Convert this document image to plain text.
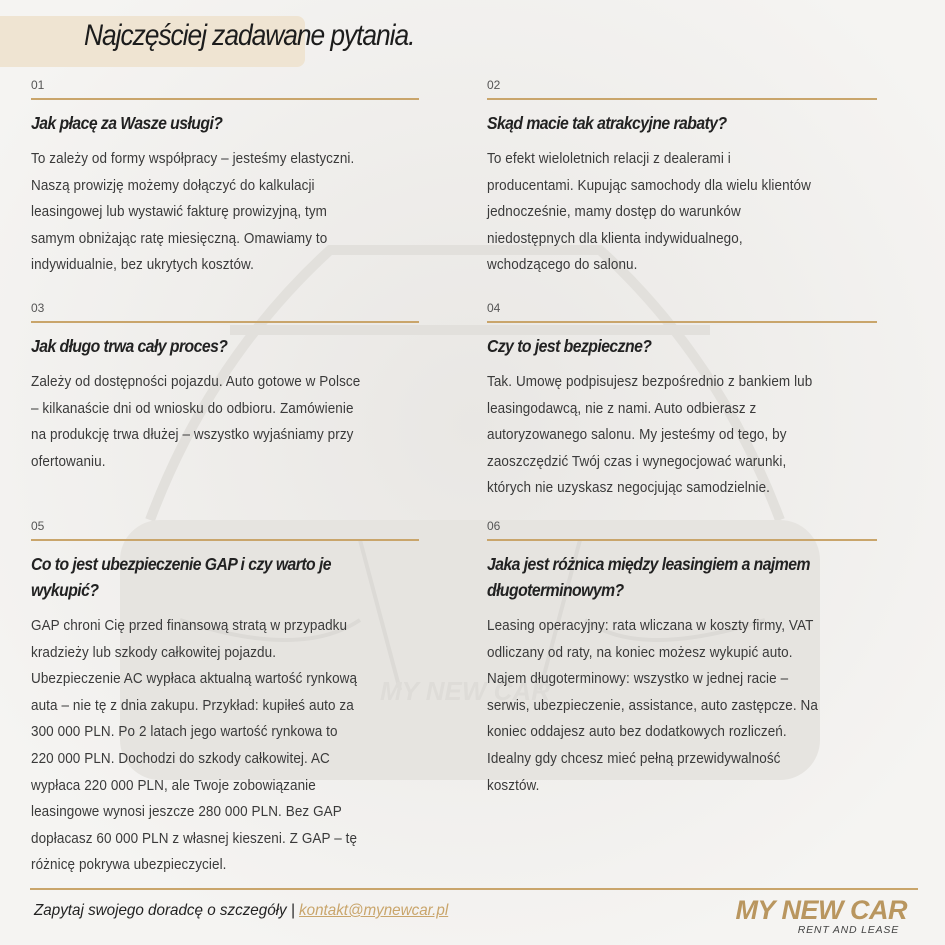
MY NEW CAR
Najczęściej zadawane pytania.
01
Jak płacę za Wasze usługi?
To zależy od formy współpracy – jesteśmy elastyczni.
Naszą prowizję możemy dołączyć do kalkulacji
leasingowej lub wystawić fakturę prowizyjną, tym
samym obniżając ratę miesięczną. Omawiamy to
indywidualnie, bez ukrytych kosztów.
02
Skąd macie tak atrakcyjne rabaty?
To efekt wieloletnich relacji z dealerami i
producentami. Kupując samochody dla wielu klientów
jednocześnie, mamy dostęp do warunków
niedostępnych dla klienta indywidualnego,
wchodzącego do salonu.
03
Jak długo trwa cały proces?
Zależy od dostępności pojazdu. Auto gotowe w Polsce
– kilkanaście dni od wniosku do odbioru. Zamówienie
na produkcję trwa dłużej – wszystko wyjaśniamy przy
ofertowaniu.
04
Czy to jest bezpieczne?
Tak. Umowę podpisujesz bezpośrednio z bankiem lub
leasingodawcą, nie z nami. Auto odbierasz z
autoryzowanego salonu. My jesteśmy od tego, by
zaoszczędzić Twój czas i wynegocjować warunki,
których nie uzyskasz negocjując samodzielnie.
05
Co to jest ubezpieczenie GAP i czy warto je
wykupić?
GAP chroni Cię przed finansową stratą w przypadku
kradzieży lub szkody całkowitej pojazdu.
Ubezpieczenie AC wypłaca aktualną wartość rynkową
auta – nie tę z dnia zakupu. Przykład: kupiłeś auto za
300 000 PLN. Po 2 latach jego wartość rynkowa to
220 000 PLN. Dochodzi do szkody całkowitej. AC
wypłaca 220 000 PLN, ale Twoje zobowiązanie
leasingowe wynosi jeszcze 280 000 PLN. Bez GAP
dopłacasz 60 000 PLN z własnej kieszeni. Z GAP – tę
różnicę pokrywa ubezpieczyciel.
06
Jaka jest różnica między leasingiem a najmem
długoterminowym?
Leasing operacyjny: rata wliczana w koszty firmy, VAT
odliczany od raty, na koniec możesz wykupić auto.
Najem długoterminowy: wszystko w jednej racie –
serwis, ubezpieczenie, assistance, auto zastępcze. Na
koniec oddajesz auto bez dodatkowych rozliczeń.
Idealny gdy chcesz mieć pełną przewidywalność
kosztów.
Zapytaj swojego doradcę o szczegóły | kontakt@mynewcar.pl	MY NEW CAR
RENT AND LEASE
